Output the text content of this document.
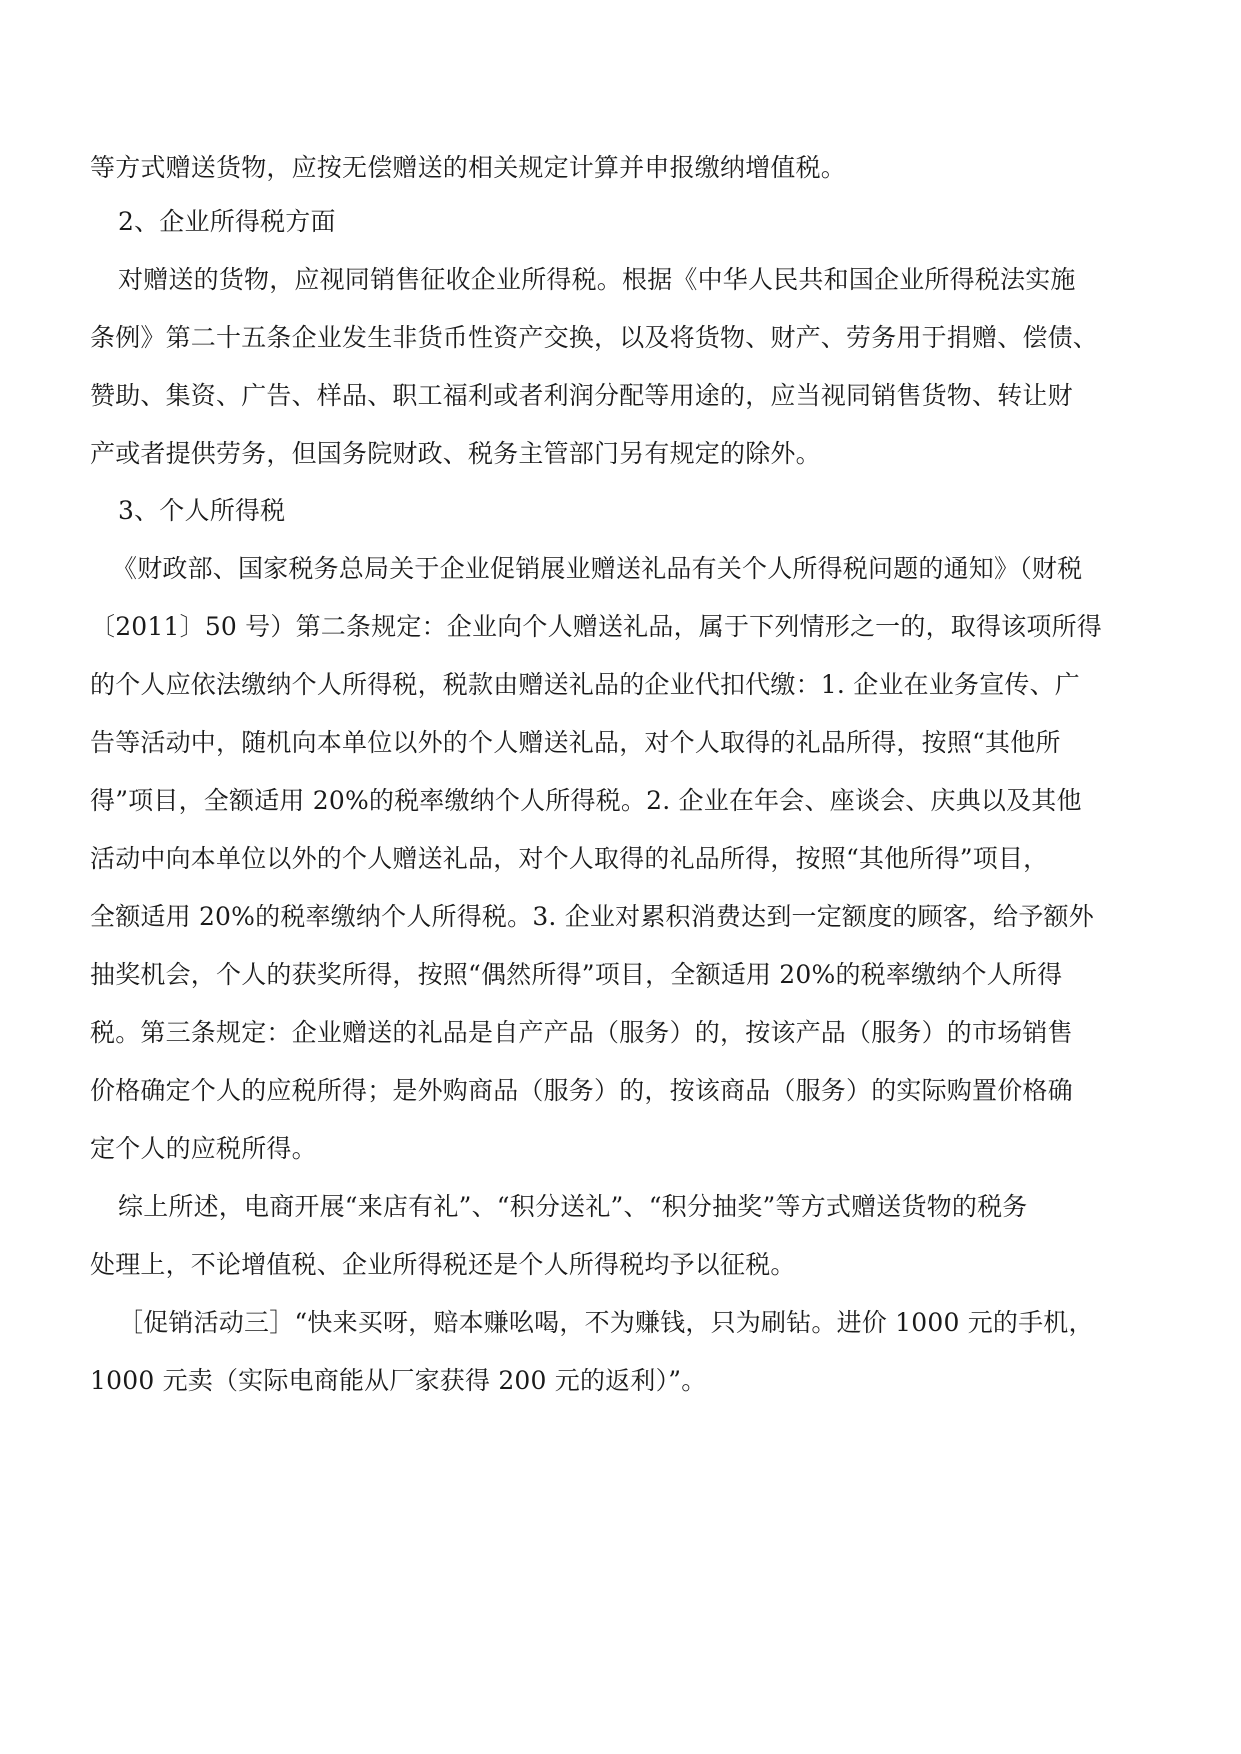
等方式赠送货物，应按无偿赠送的相关规定计算并申报缴纳增值税。
2、企业所得税方面
对赠送的货物，应视同销售征收企业所得税。根据《中华人民共和国企业所得税法实施
条例》第二十五条企业发生非货币性资产交换，以及将货物、财产、劳务用于捐赠、偿债、
赞助、集资、广告、样品、职工福利或者利润分配等用途的，应当视同销售货物、转让财
产或者提供劳务，但国务院财政、税务主管部门另有规定的除外。
3、个人所得税
《财政部、国家税务总局关于企业促销展业赠送礼品有关个人所得税问题的通知》（财税
〔2011〕50 号）第二条规定：企业向个人赠送礼品，属于下列情形之一的，取得该项所得
的个人应依法缴纳个人所得税，税款由赠送礼品的企业代扣代缴：1. 企业在业务宣传、广
告等活动中，随机向本单位以外的个人赠送礼品，对个人取得的礼品所得，按照“其他所
得”项目，全额适用 20%的税率缴纳个人所得税。2. 企业在年会、座谈会、庆典以及其他
活动中向本单位以外的个人赠送礼品，对个人取得的礼品所得，按照“其他所得”项目，
全额适用 20%的税率缴纳个人所得税。3. 企业对累积消费达到一定额度的顾客，给予额外
抽奖机会，个人的获奖所得，按照“偶然所得”项目，全额适用 20%的税率缴纳个人所得
税。第三条规定：企业赠送的礼品是自产产品（服务）的，按该产品（服务）的市场销售
价格确定个人的应税所得；是外购商品（服务）的，按该商品（服务）的实际购置价格确
定个人的应税所得。
综上所述，电商开展“来店有礼”、“积分送礼”、“积分抽奖”等方式赠送货物的税务
处理上，不论增值税、企业所得税还是个人所得税均予以征税。
［促销活动三］“快来买呀，赔本赚吆喝，不为赚钱，只为刷钻。进价 1000 元的手机，
1000 元卖（实际电商能从厂家获得 200 元的返利）”。
